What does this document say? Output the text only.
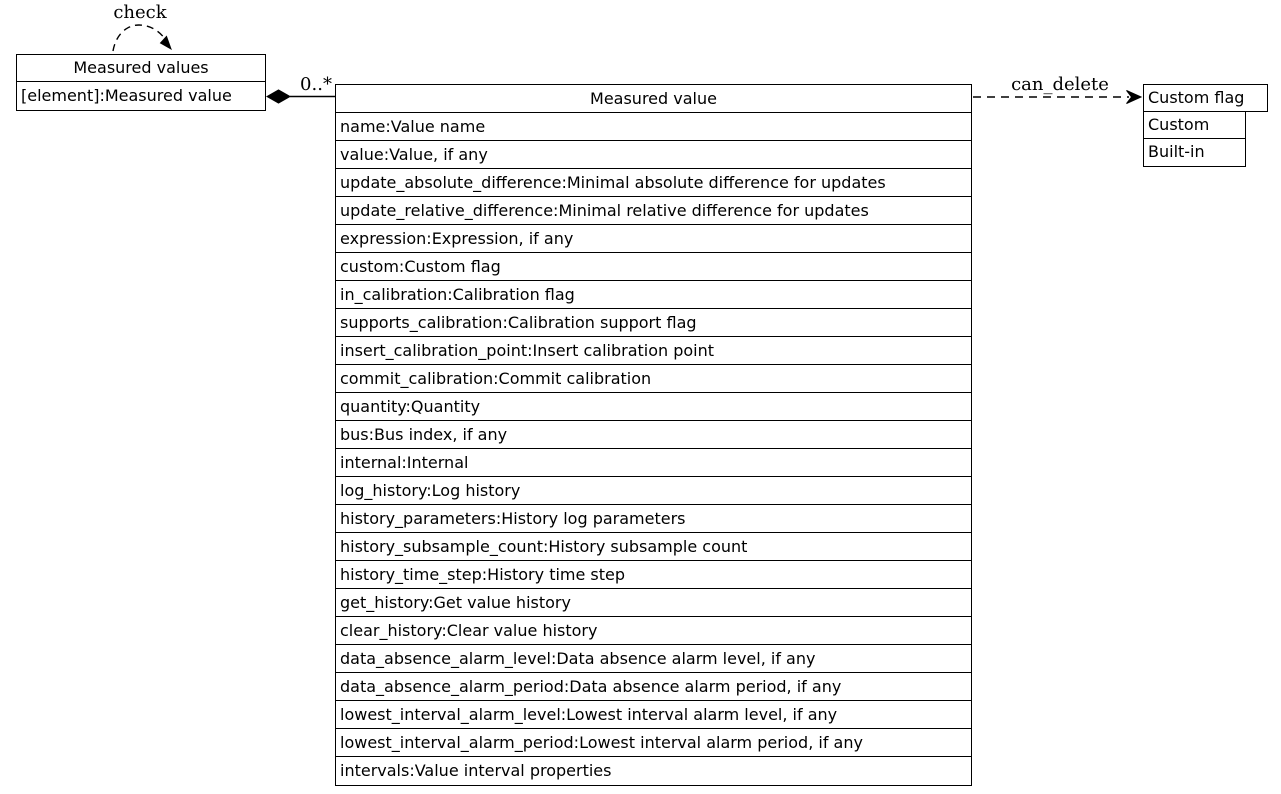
check
0..*	can_delete
Measured values
[element]:Measured value	Measured value
name:Value name
value:Value, if any
update_absolute_difference:Minimal absolute difference for updates
update_relative_difference:Minimal relative difference for updates
expression:Expression, if any
custom:Custom flag
in_calibration:Calibration flag
supports_calibration:Calibration support flag
insert_calibration_point:Insert calibration point
commit_calibration:Commit calibration
quantity:Quantity
bus:Bus index, if any
internal:Internal
log_history:Log history
history_parameters:History log parameters
history_subsample_count:History subsample count
history_time_step:History time step
get_history:Get value history
clear_history:Clear value history
data_absence_alarm_level:Data absence alarm level, if any
data_absence_alarm_period:Data absence alarm period, if any
lowest_interval_alarm_level:Lowest interval alarm level, if any
lowest_interval_alarm_period:Lowest interval alarm period, if any
intervals:Value interval properties
Custom flag
Custom
Built-in
